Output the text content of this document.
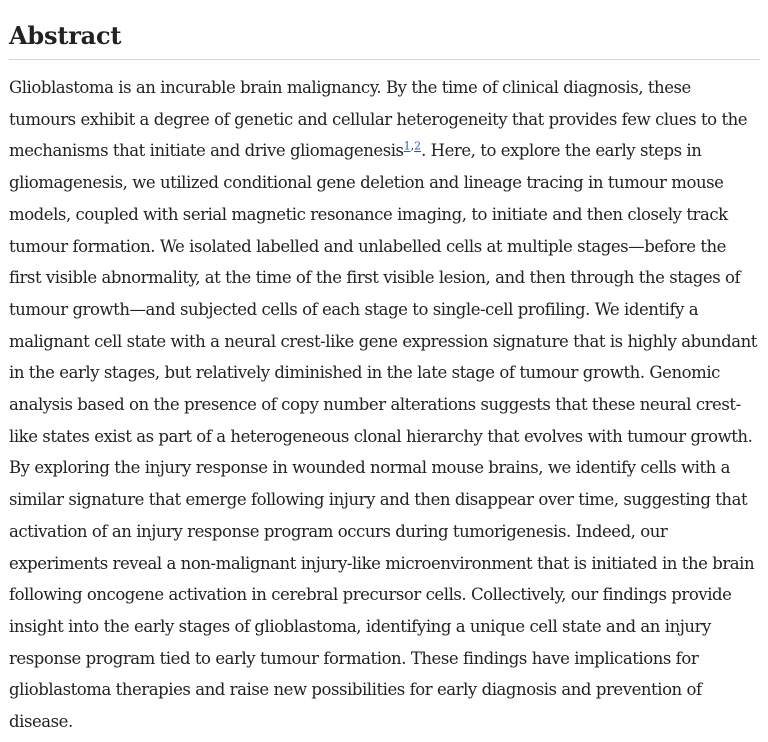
Abstract

Glioblastoma is an incurable brain malignancy. By the time of clinical diagnosis, these tumours exhibit a degree of genetic and cellular heterogeneity that provides few clues to the mechanisms that initiate and drive gliomagenesis$^{1,2}$. Here, to explore the early steps in gliomagenesis, we utilized conditional gene deletion and lineage tracing in tumour mouse models, coupled with serial magnetic resonance imaging, to initiate and then closely track tumour formation. We isolated labelled and unlabelled cells at multiple stages—before the first visible abnormality, at the time of the first visible lesion, and then through the stages of tumour growth—and subjected cells of each stage to single-cell profiling. We identify a malignant cell state with a neural crest-like gene expression signature that is highly abundant in the early stages, but relatively diminished in the late stage of tumour growth. Genomic analysis based on the presence of copy number alterations suggests that these neural crest-like states exist as part of a heterogeneous clonal hierarchy that evolves with tumour growth. By exploring the injury response in wounded normal mouse brains, we identify cells with a similar signature that emerge following injury and then disappear over time, suggesting that activation of an injury response program occurs during tumorigenesis. Indeed, our experiments reveal a non-malignant injury-like microenvironment that is initiated in the brain following oncogene activation in cerebral precursor cells. Collectively, our findings provide insight into the early stages of glioblastoma, identifying a unique cell state and an injury response program tied to early tumour formation. These findings have implications for glioblastoma therapies and raise new possibilities for early diagnosis and prevention of disease.
